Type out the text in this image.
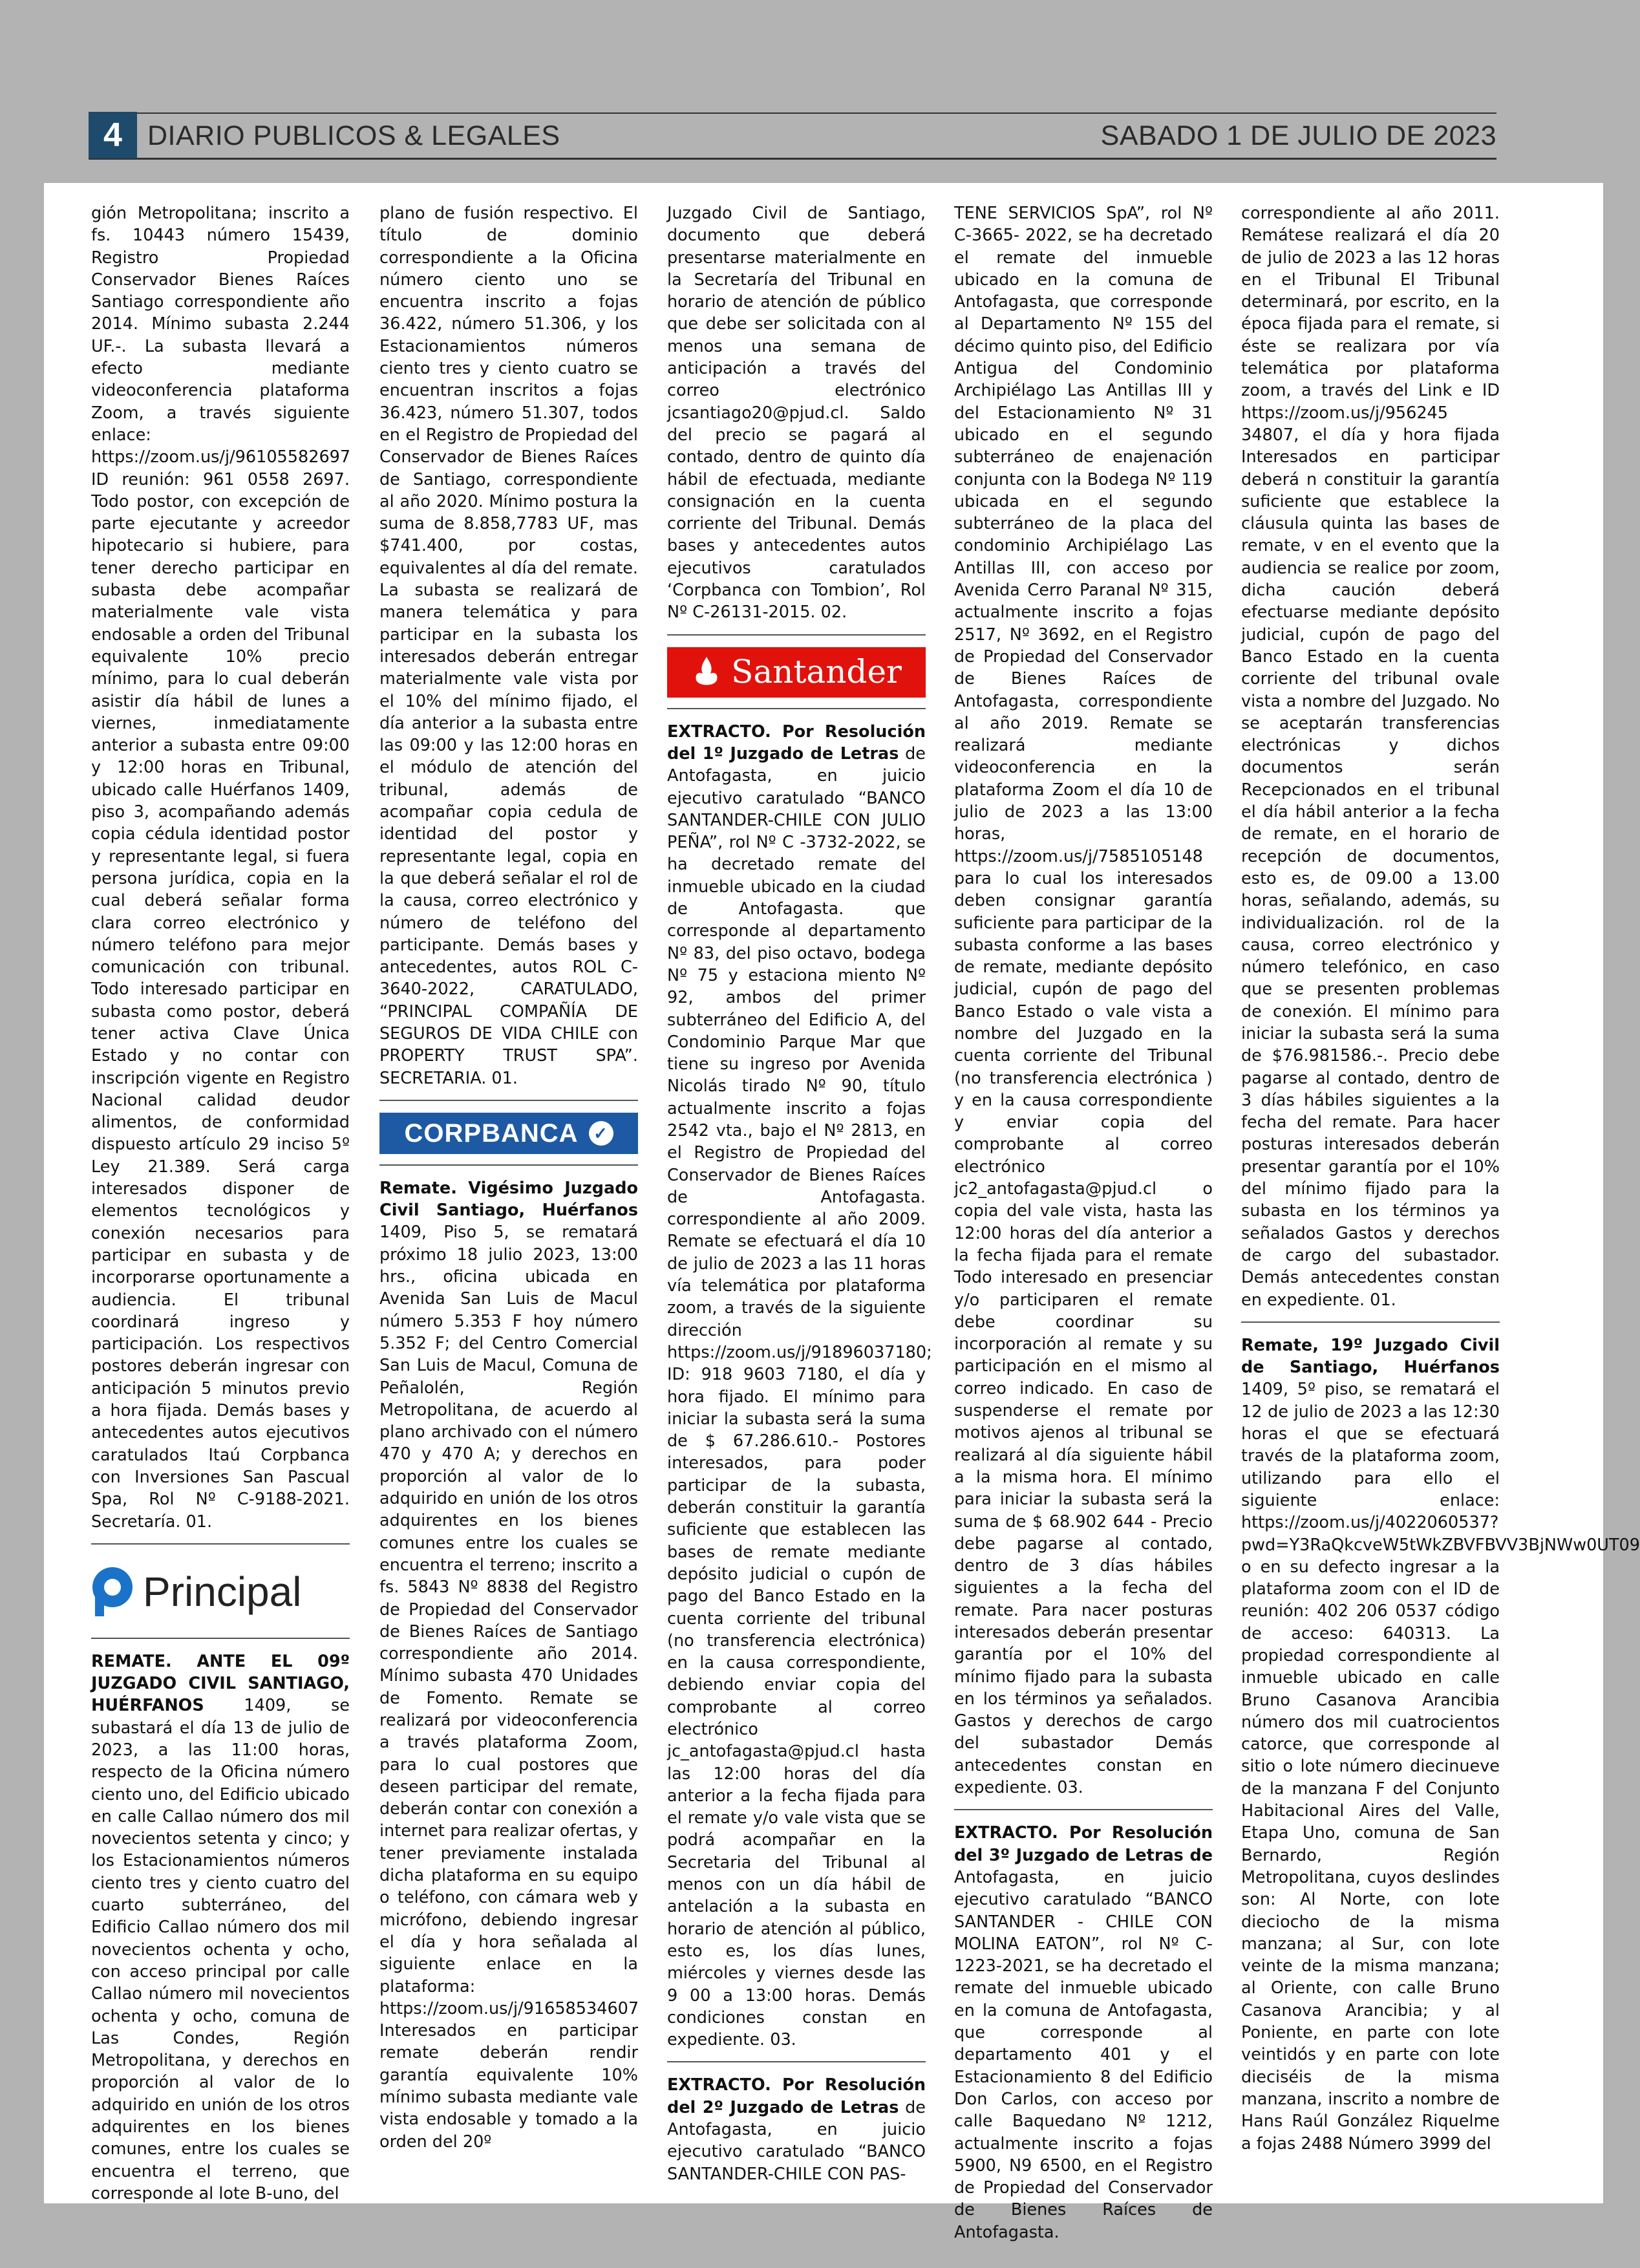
4 DIARIO PUBLICOS & LEGALES	SABADO 1 DE JULIO DE 2023

gión Metropolitana; inscrito a fs. 10443 número 15439, Registro Propiedad Conservador Bienes Raíces Santiago correspondiente año 2014. Mínimo subasta 2.244 UF.-. La subasta llevará a efecto mediante videoconferencia plataforma Zoom, a través siguiente enlace: https://zoom.us/j/96105582697 ID reunión: 961 0558 2697. Todo postor, con excepción de parte ejecutante y acreedor hipotecario si hubiere, para tener derecho participar en subasta debe acompañar materialmente vale vista endosable a orden del Tribunal equivalente 10% precio mínimo, para lo cual deberán asistir día hábil de lunes a viernes, inmediatamente anterior a subasta entre 09:00 y 12:00 horas en Tribunal, ubicado calle Huérfanos 1409, piso 3, acompañando además copia cédula identidad postor y representante legal, si fuera persona jurídica, copia en la cual deberá señalar forma clara correo electrónico y número teléfono para mejor comunicación con tribunal. Todo interesado participar en subasta como postor, deberá tener activa Clave Única Estado y no contar con inscripción vigente en Registro Nacional calidad deudor alimentos, de conformidad dispuesto artículo 29 inciso 5º Ley 21.389. Será carga interesados disponer de elementos tecnológicos y conexión necesarios para participar en subasta y de incorporarse oportunamente a audiencia. El tribunal coordinará ingreso y participación. Los respectivos postores deberán ingresar con anticipación 5 minutos previo a hora fijada. Demás bases y antecedentes autos ejecutivos caratulados Itaú Corpbanca con Inversiones San Pascual Spa, Rol Nº C-9188-2021. Secretaría. 01.

Principal

REMATE. ANTE EL 09º JUZGADO CIVIL SANTIAGO, HUÉRFANOS 1409, se subastará el día 13 de julio de 2023, a las 11:00 horas, respecto de la Oficina número ciento uno, del Edificio ubicado en calle Callao número dos mil novecientos setenta y cinco; y los Estacionamientos números ciento tres y ciento cuatro del cuarto subterráneo, del Edificio Callao número dos mil novecientos ochenta y ocho, con acceso principal por calle Callao número mil novecientos ochenta y ocho, comuna de Las Condes, Región Metropolitana, y derechos en proporción al valor de lo adquirido en unión de los otros adquirentes en los bienes comunes, entre los cuales se encuentra el terreno, que corresponde al lote B-uno, del

plano de fusión respectivo. El título de dominio correspondiente a la Oficina número ciento uno se encuentra inscrito a fojas 36.422, número 51.306, y los Estacionamientos números ciento tres y ciento cuatro se encuentran inscritos a fojas 36.423, número 51.307, todos en el Registro de Propiedad del Conservador de Bienes Raíces de Santiago, correspondiente al año 2020. Mínimo postura la suma de 8.858,7783 UF, mas $741.400, por costas, equivalentes al día del remate. La subasta se realizará de manera telemática y para participar en la subasta los interesados deberán entregar materialmente vale vista por el 10% del mínimo fijado, el día anterior a la subasta entre las 09:00 y las 12:00 horas en el módulo de atención del tribunal, además de acompañar copia cedula de identidad del postor y representante legal, copia en la que deberá señalar el rol de la causa, correo electrónico y número de teléfono del participante. Demás bases y antecedentes, autos ROL C-3640-2022, CARATULADO, “PRINCIPAL COMPAÑÍA DE SEGUROS DE VIDA CHILE con PROPERTY TRUST SPA”. SECRETARIA. 01.

CORPBANCA ✓

Remate. Vigésimo Juzgado Civil Santiago, Huérfanos 1409, Piso 5, se rematará próximo 18 julio 2023, 13:00 hrs., oficina ubicada en Avenida San Luis de Macul número 5.353 F hoy número 5.352 F; del Centro Comercial San Luis de Macul, Comuna de Peñalolén, Región Metropolitana, de acuerdo al plano archivado con el número 470 y 470 A; y derechos en proporción al valor de lo adquirido en unión de los otros adquirentes en los bienes comunes entre los cuales se encuentra el terreno; inscrito a fs. 5843 Nº 8838 del Registro de Propiedad del Conservador de Bienes Raíces de Santiago correspondiente año 2014. Mínimo subasta 470 Unidades de Fomento. Remate se realizará por videoconferencia a través plataforma Zoom, para lo cual postores que deseen participar del remate, deberán contar con conexión a internet para realizar ofertas, y tener previamente instalada dicha plataforma en su equipo o teléfono, con cámara web y micrófono, debiendo ingresar el día y hora señalada al siguiente enlace en la plataforma: https://zoom.us/j/91658534607 Interesados en participar remate deberán rendir garantía equivalente 10% mínimo subasta mediante vale vista endosable y tomado a la orden del 20º

Juzgado Civil de Santiago, documento que deberá presentarse materialmente en la Secretaría del Tribunal en horario de atención de público que debe ser solicitada con al menos una semana de anticipación a través del correo electrónico jcsantiago20@pjud.cl. Saldo del precio se pagará al contado, dentro de quinto día hábil de efectuada, mediante consignación en la cuenta corriente del Tribunal. Demás bases y antecedentes autos ejecutivos caratulados ‘Corpbanca con Tombion’, Rol Nº C-26131-2015. 02.

Santander

EXTRACTO. Por Resolución del 1º Juzgado de Letras de Antofagasta, en juicio ejecutivo caratulado “BANCO SANTANDER-CHILE CON JULIO PEÑA”, rol Nº C -3732-2022, se ha decretado remate del inmueble ubicado en la ciudad de Antofagasta. que corresponde al departamento Nº 83, del piso octavo, bodega Nº 75 y estaciona miento Nº 92, ambos del primer subterráneo del Edificio A, del Condominio Parque Mar que tiene su ingreso por Avenida Nicolás tirado Nº 90, título actualmente inscrito a fojas 2542 vta., bajo el Nº 2813, en el Registro de Propiedad del Conservador de Bienes Raíces de Antofagasta. correspondiente al año 2009. Remate se efectuará el día 10 de julio de 2023 a las 11 horas vía telemática por plataforma zoom, a través de la siguiente dirección https://zoom.us/j/91896037180; ID: 918 9603 7180, el día y hora fijado. El mínimo para iniciar la subasta será la suma de $ 67.286.610.- Postores interesados, para poder participar de la subasta, deberán constituir la garantía suficiente que establecen las bases de remate mediante depósito judicial o cupón de pago del Banco Estado en la cuenta corriente del tribunal (no transferencia electrónica) en la causa correspondiente, debiendo enviar copia del comprobante al correo electrónico jc_antofagasta@pjud.cl hasta las 12:00 horas del día anterior a la fecha fijada para el remate y/o vale vista que se podrá acompañar en la Secretaria del Tribunal al menos con un día hábil de antelación a la subasta en horario de atención al público, esto es, los días lunes, miércoles y viernes desde las 9 00 a 13:00 horas. Demás condiciones constan en expediente. 03.

EXTRACTO. Por Resolución del 2º Juzgado de Letras de Antofagasta, en juicio ejecutivo caratulado “BANCO SANTANDER-CHILE CON PAS-

TENE SERVICIOS SpA”, rol Nº C-3665- 2022, se ha decretado el remate del inmueble ubicado en la comuna de Antofagasta, que corresponde al Departamento Nº 155 del décimo quinto piso, del Edificio Antigua del Condominio Archipiélago Las Antillas III y del Estacionamiento Nº 31 ubicado en el segundo subterráneo de enajenación conjunta con la Bodega Nº 119 ubicada en el segundo subterráneo de la placa del condominio Archipiélago Las Antillas III, con acceso por Avenida Cerro Paranal Nº 315, actualmente inscrito a fojas 2517, Nº 3692, en el Registro de Propiedad del Conservador de Bienes Raíces de Antofagasta, correspondiente al año 2019. Remate se realizará mediante videoconferencia en la plataforma Zoom el día 10 de julio de 2023 a las 13:00 horas, https://zoom.us/j/7585105148 para lo cual los interesados deben consignar garantía suficiente para participar de la subasta conforme a las bases de remate, mediante depósito judicial, cupón de pago del Banco Estado o vale vista a nombre del Juzgado en la cuenta corriente del Tribunal (no transferencia electrónica ) y en la causa correspondiente y enviar copia del comprobante al correo electrónico jc2_antofagasta@pjud.cl o copia del vale vista, hasta las 12:00 horas del día anterior a la fecha fijada para el remate Todo interesado en presenciar y/o participaren el remate debe coordinar su incorporación al remate y su participación en el mismo al correo indicado. En caso de suspenderse el remate por motivos ajenos al tribunal se realizará al día siguiente hábil a la misma hora. El mínimo para iniciar la subasta será la suma de $ 68.902 644 - Precio debe pagarse al contado, dentro de 3 días hábiles siguientes a la fecha del remate. Para nacer posturas interesados deberán presentar garantía por el 10% del mínimo fijado para la subasta en los términos ya señalados. Gastos y derechos de cargo del subastador Demás antecedentes constan en expediente. 03.

EXTRACTO. Por Resolución del 3º Juzgado de Letras de Antofagasta, en juicio ejecutivo caratulado “BANCO SANTANDER - CHILE CON MOLINA EATON”, rol Nº C-1223-2021, se ha decretado el remate del inmueble ubicado en la comuna de Antofagasta, que corresponde al departamento 401 y el Estacionamiento 8 del Edificio Don Carlos, con acceso por calle Baquedano Nº 1212, actualmente inscrito a fojas 5900, N9 6500, en el Registro de Propiedad del Conservador de Bienes Raíces de Antofagasta.

correspondiente al año 2011. Remátese realizará el día 20 de julio de 2023 a las 12 horas en el Tribunal El Tribunal determinará, por escrito, en la época fijada para el remate, si éste se realizara por vía telemática por plataforma zoom, a través del Link e ID https://zoom.us/j/956245 34807, el día y hora fijada Interesados en participar deberá n constituir la garantía suficiente que establece la cláusula quinta las bases de remate, v en el evento que la audiencia se realice por zoom, dicha caución deberá efectuarse mediante depósito judicial, cupón de pago del Banco Estado en la cuenta corriente del tribunal ovale vista a nombre del Juzgado. No se aceptarán transferencias electrónicas y dichos documentos serán Recepcionados en el tribunal el día hábil anterior a la fecha de remate, en el horario de recepción de documentos, esto es, de 09.00 a 13.00 horas, señalando, además, su individualización. rol de la causa, correo electrónico y número telefónico, en caso que se presenten problemas de conexión. El mínimo para iniciar la subasta será la suma de $76.981586.-. Precio debe pagarse al contado, dentro de 3 días hábiles siguientes a la fecha del remate. Para hacer posturas interesados deberán presentar garantía por el 10% del mínimo fijado para la subasta en los términos ya señalados Gastos y derechos de cargo del subastador. Demás antecedentes constan en expediente. 01.

Remate, 19º Juzgado Civil de Santiago, Huérfanos 1409, 5º piso, se rematará el 12 de julio de 2023 a las 12:30 horas el que se efectuará través de la plataforma zoom, utilizando para ello el siguiente enlace: https://zoom.us/j/4022060537?pwd=Y3RaQkcveW5tWkZBVFBVV3BjNWw0UT09 o en su defecto ingresar a la plataforma zoom con el ID de reunión: 402 206 0537 código de acceso: 640313. La propiedad correspondiente al inmueble ubicado en calle Bruno Casanova Arancibia número dos mil cuatrocientos catorce, que corresponde al sitio o lote número diecinueve de la manzana F del Conjunto Habitacional Aires del Valle, Etapa Uno, comuna de San Bernardo, Región Metropolitana, cuyos deslindes son: Al Norte, con lote dieciocho de la misma manzana; al Sur, con lote veinte de la misma manzana; al Oriente, con calle Bruno Casanova Arancibia; y al Poniente, en parte con lote veintidós y en parte con lote dieciséis de la misma manzana, inscrito a nombre de Hans Raúl González Riquelme a fojas 2488 Número 3999 del
